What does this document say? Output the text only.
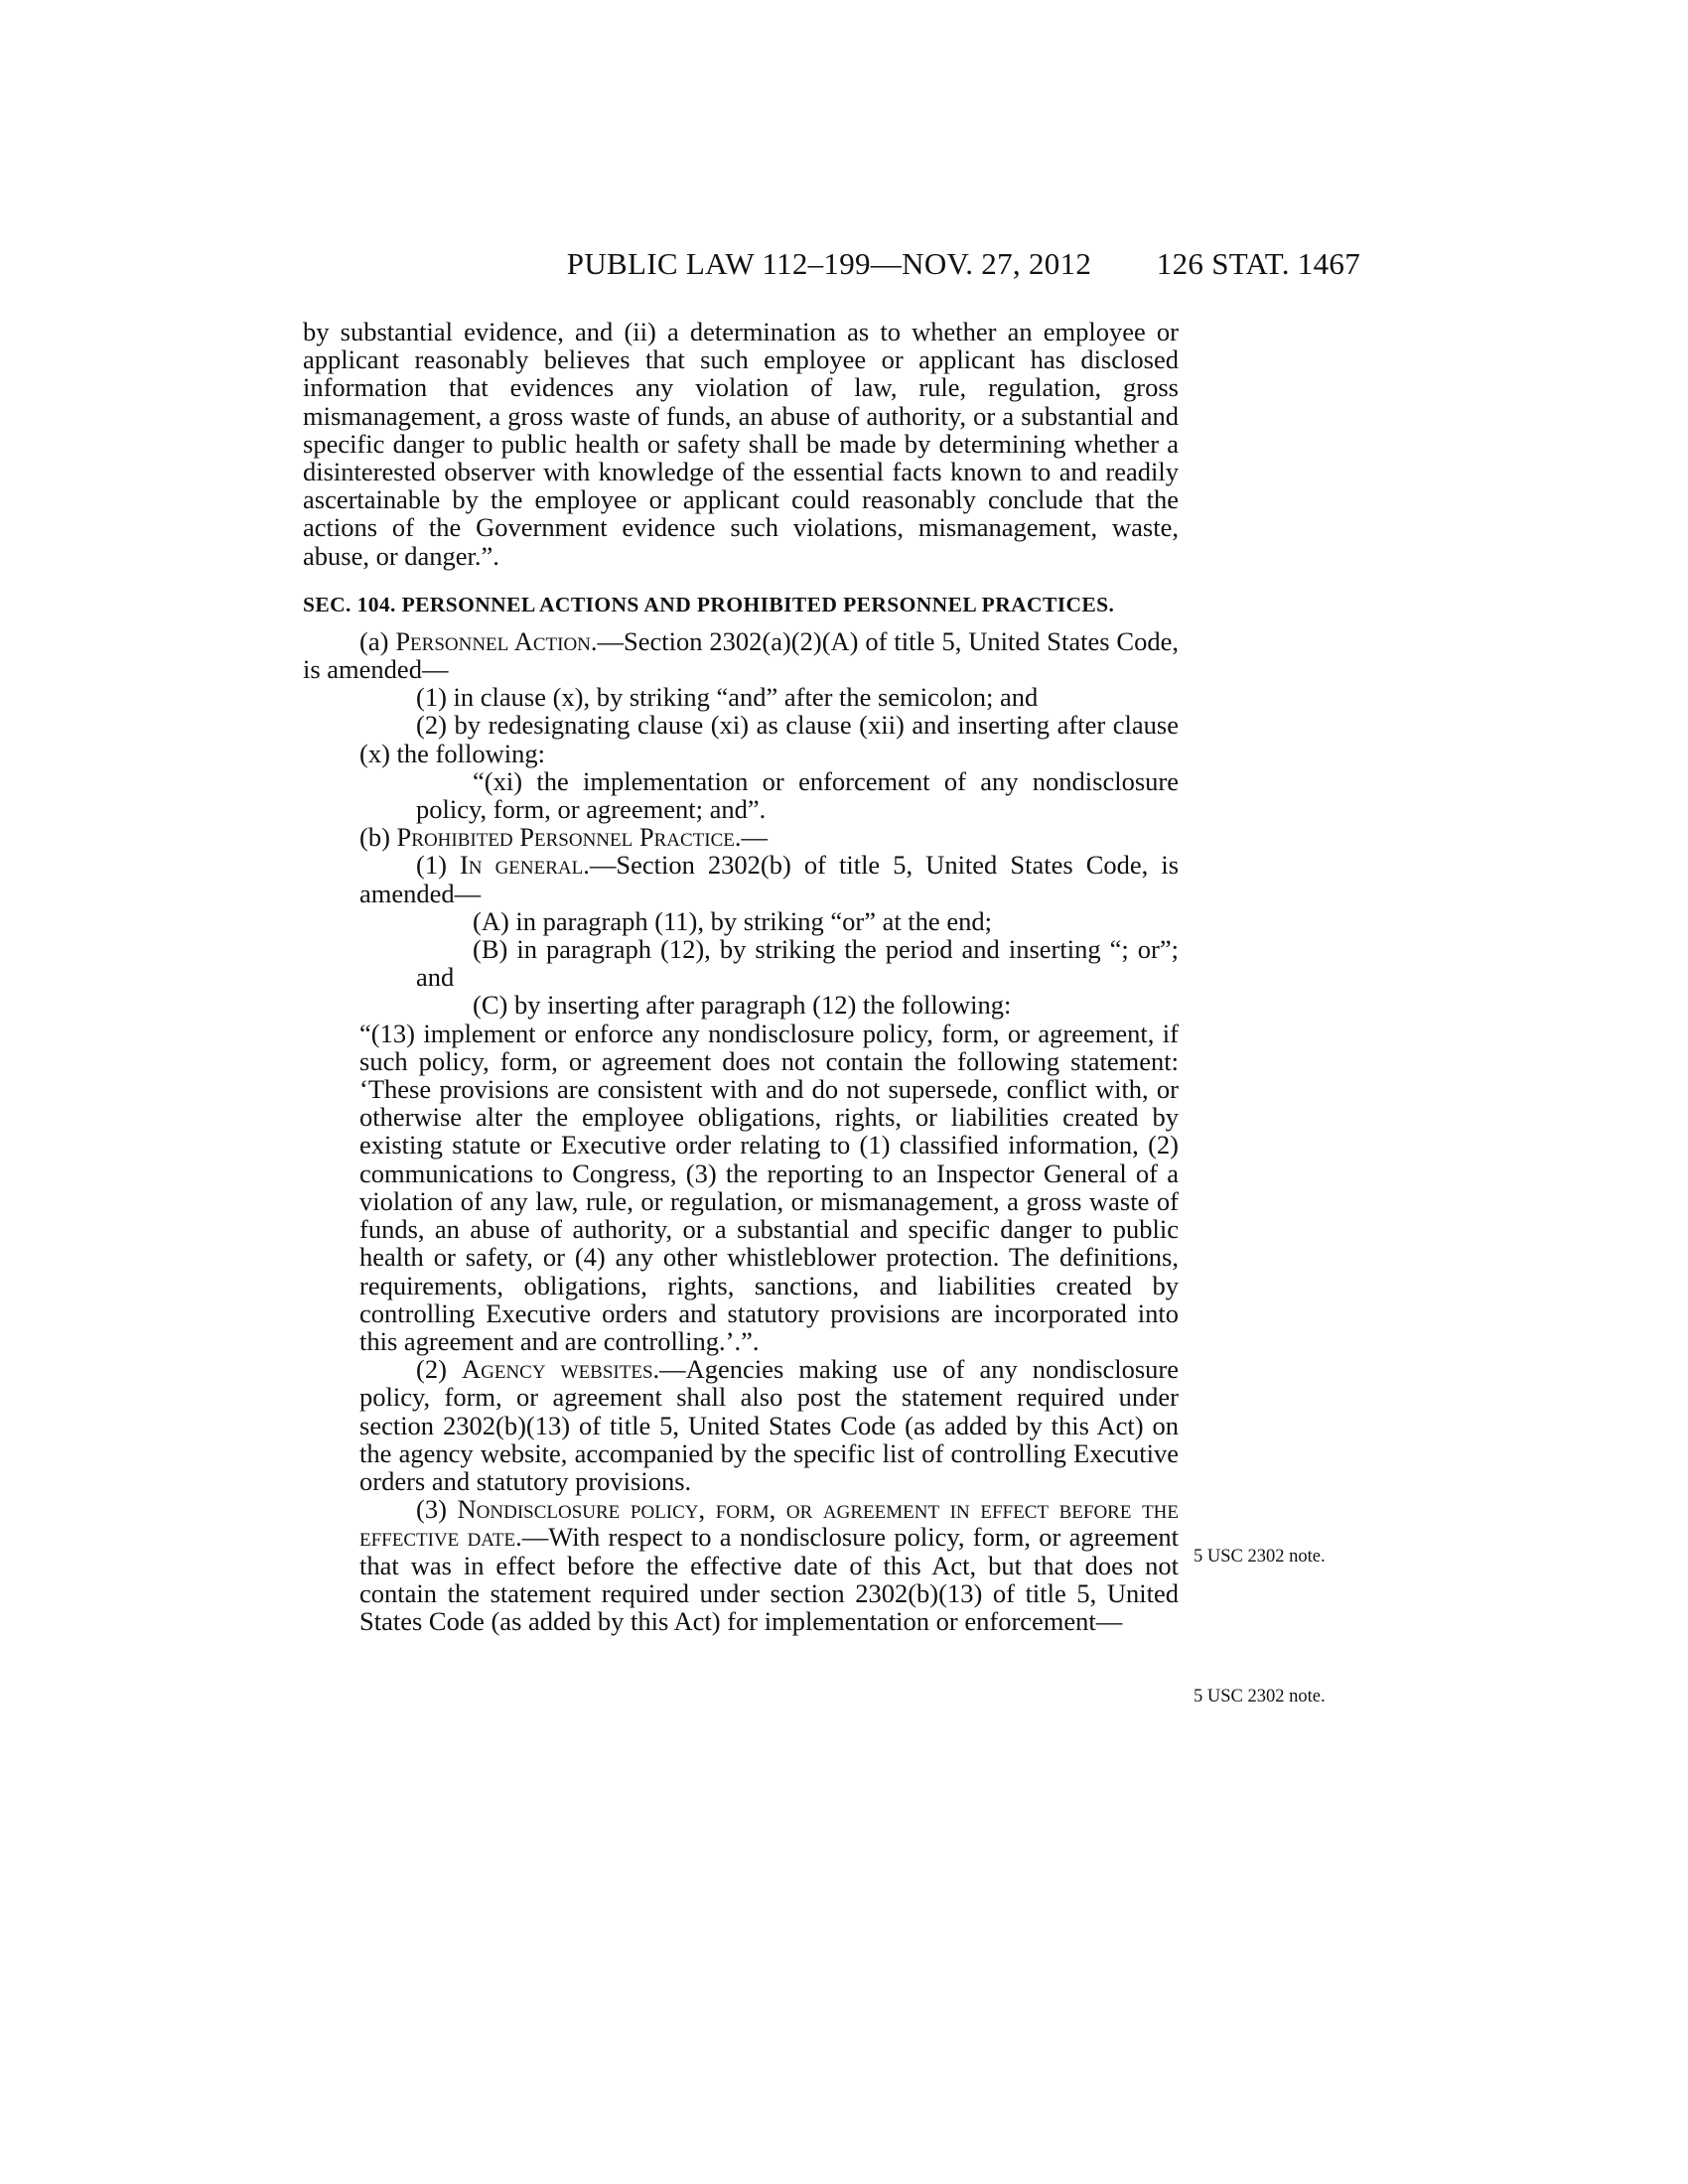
PUBLIC LAW 112–199—NOV. 27, 2012	126 STAT. 1467

by substantial evidence, and (ii) a determination as to whether an employee or applicant reasonably believes that such employee or applicant has disclosed information that evidences any violation of law, rule, regulation, gross mismanagement, a gross waste of funds, an abuse of authority, or a substantial and specific danger to public health or safety shall be made by determining whether a disinterested observer with knowledge of the essential facts known to and readily ascertainable by the employee or applicant could reasonably conclude that the actions of the Government evidence such violations, mismanagement, waste, abuse, or danger.”.

SEC. 104. PERSONNEL ACTIONS AND PROHIBITED PERSONNEL PRACTICES.

(a) Personnel Action.—Section 2302(a)(2)(A) of title 5, United States Code, is amended—

(1) in clause (x), by striking “and” after the semicolon; and

(2) by redesignating clause (xi) as clause (xii) and inserting after clause (x) the following:

“(xi) the implementation or enforcement of any nondisclosure policy, form, or agreement; and”.

(b) Prohibited Personnel Practice.—

(1) In general.—Section 2302(b) of title 5, United States Code, is amended—

(A) in paragraph (11), by striking “or” at the end;

(B) in paragraph (12), by striking the period and inserting “; or”; and

(C) by inserting after paragraph (12) the following:

“(13) implement or enforce any nondisclosure policy, form, or agreement, if such policy, form, or agreement does not contain the following statement: ‘These provisions are consistent with and do not supersede, conflict with, or otherwise alter the employee obligations, rights, or liabilities created by existing statute or Executive order relating to (1) classified information, (2) communications to Congress, (3) the reporting to an Inspector General of a violation of any law, rule, or regulation, or mismanagement, a gross waste of funds, an abuse of authority, or a substantial and specific danger to public health or safety, or (4) any other whistleblower protection. The definitions, requirements, obligations, rights, sanctions, and liabilities created by controlling Executive orders and statutory provisions are incorporated into this agreement and are controlling.’.”.

(2) Agency websites.—Agencies making use of any nondisclosure policy, form, or agreement shall also post the statement required under section 2302(b)(13) of title 5, United States Code (as added by this Act) on the agency website, accompanied by the specific list of controlling Executive orders and statutory provisions.

(3) Nondisclosure policy, form, or agreement in effect before the effective date.—With respect to a nondisclosure policy, form, or agreement that was in effect before the effective date of this Act, but that does not contain the statement required under section 2302(b)(13) of title 5, United States Code (as added by this Act) for implementation or enforcement—

5 USC 2302 note.
5 USC 2302 note.
